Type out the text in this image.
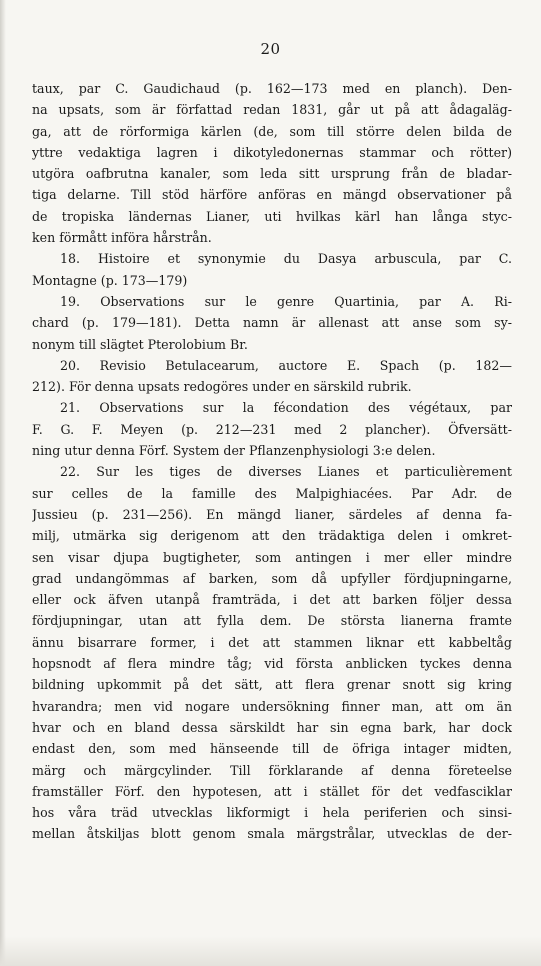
20
taux, par C. Gaudichaud (p. 162—173 med en planch). Den-
na upsats, som är författad redan 1831, går ut på att ådagaläg-
ga, att de rörformiga kärlen (de, som till större delen bilda de
yttre vedaktiga lagren i dikotyledonernas stammar och rötter)
utgöra oafbrutna kanaler, som leda sitt ursprung från de bladar-
tiga delarne. Till stöd härföre anföras en mängd observationer på
de tropiska ländernas Lianer, uti hvilkas kärl han långa styc-
ken förmått införa hårstrån.
18. Histoire et synonymie du Dasya arbuscula, par C.
Montagne (p. 173—179)
19. Observations sur le genre Quartinia, par A. Ri-
chard (p. 179—181). Detta namn är allenast att anse som sy-
nonym till slägtet Pterolobium Br.
20. Revisio Betulacearum, auctore E. Spach (p. 182—
212). För denna upsats redogöres under en särskild rubrik.
21. Observations sur la fécondation des végétaux, par
F. G. F. Meyen (p. 212—231 med 2 plancher). Öfversätt-
ning utur denna Förf. System der Pflanzenphysiologi 3:e delen.
22. Sur les tiges de diverses Lianes et particulièrement
sur celles de la famille des Malpighiacées. Par Adr. de
Jussieu (p. 231—256). En mängd lianer, särdeles af denna fa-
milj, utmärka sig derigenom att den trädaktiga delen i omkret-
sen visar djupa bugtigheter, som antingen i mer eller mindre
grad undangömmas af barken, som då upfyller fördjupningarne,
eller ock äfven utanpå framträda, i det att barken följer dessa
fördjupningar, utan att fylla dem. De största lianerna framte
ännu bisarrare former, i det att stammen liknar ett kabbeltåg
hopsnodt af flera mindre tåg; vid första anblicken tyckes denna
bildning upkommit på det sätt, att flera grenar snott sig kring
hvarandra; men vid nogare undersökning finner man, att om än
hvar och en bland dessa särskildt har sin egna bark, har dock
endast den, som med hänseende till de öfriga intager midten,
märg och märgcylinder. Till förklarande af denna företeelse
framställer Förf. den hypotesen, att i stället för det vedfasciklar
hos våra träd utvecklas likformigt i hela periferien och sinsi-
mellan åtskiljas blott genom smala märgstrålar, utvecklas de der-
